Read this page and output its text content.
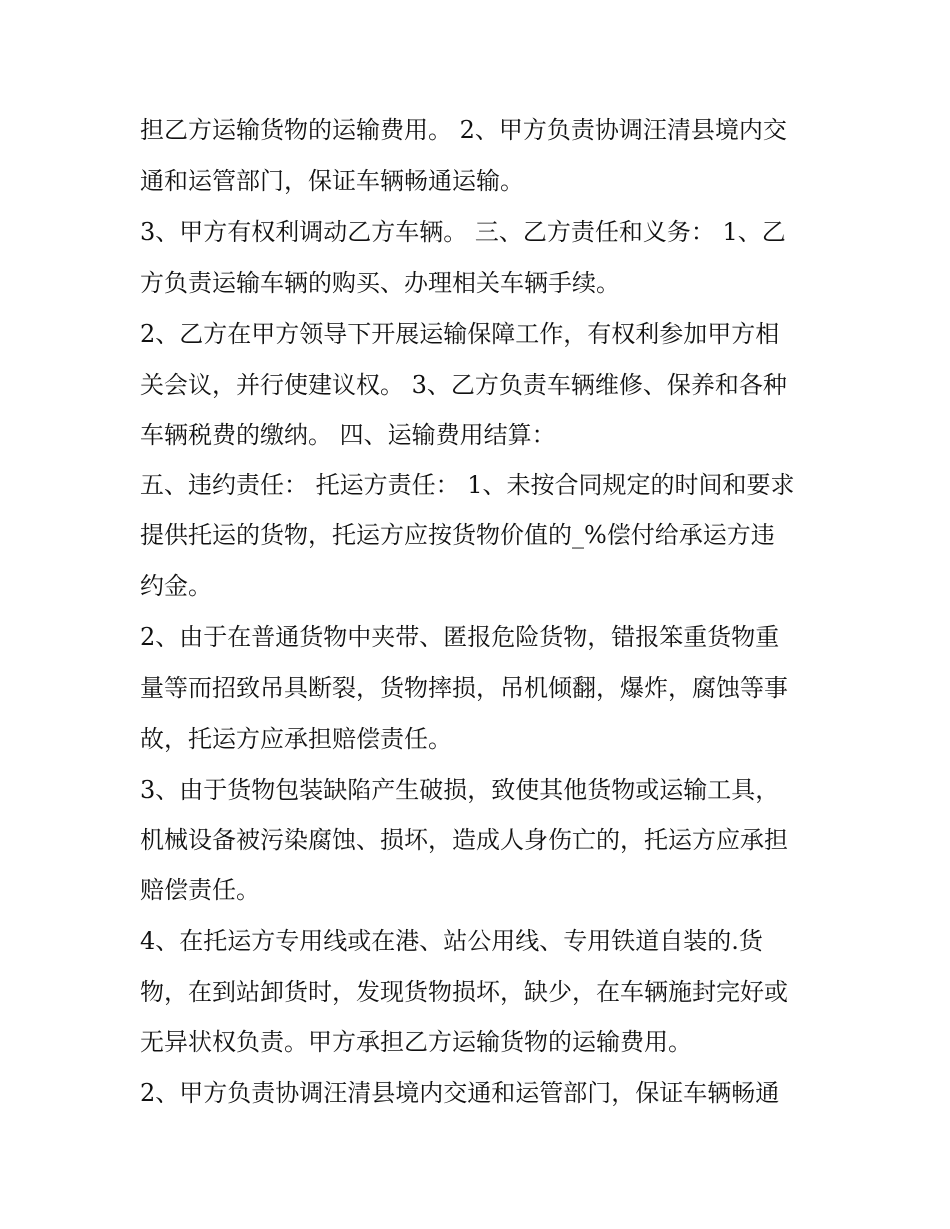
担乙方运输货物的运输费用。 2、甲方负责协调汪清县境内交
通和运管部门，保证车辆畅通运输。
3、甲方有权利调动乙方车辆。 三、乙方责任和义务： 1、乙
方负责运输车辆的购买、办理相关车辆手续。
2、乙方在甲方领导下开展运输保障工作，有权利参加甲方相
关会议，并行使建议权。 3、乙方负责车辆维修、保养和各种
车辆税费的缴纳。 四、运输费用结算：
五、违约责任： 托运方责任： 1、未按合同规定的时间和要求
提供托运的货物，托运方应按货物价值的_%偿付给承运方违
约金。
2、由于在普通货物中夹带、匿报危险货物，错报笨重货物重
量等而招致吊具断裂，货物摔损，吊机倾翻，爆炸，腐蚀等事
故，托运方应承担赔偿责任。
3、由于货物包装缺陷产生破损，致使其他货物或运输工具，
机械设备被污染腐蚀、损坏，造成人身伤亡的，托运方应承担
赔偿责任。
4、在托运方专用线或在港、站公用线、专用铁道自装的.货
物，在到站卸货时，发现货物损坏，缺少，在车辆施封完好或
无异状权负责。甲方承担乙方运输货物的运输费用。
2、甲方负责协调汪清县境内交通和运管部门，保证车辆畅通
